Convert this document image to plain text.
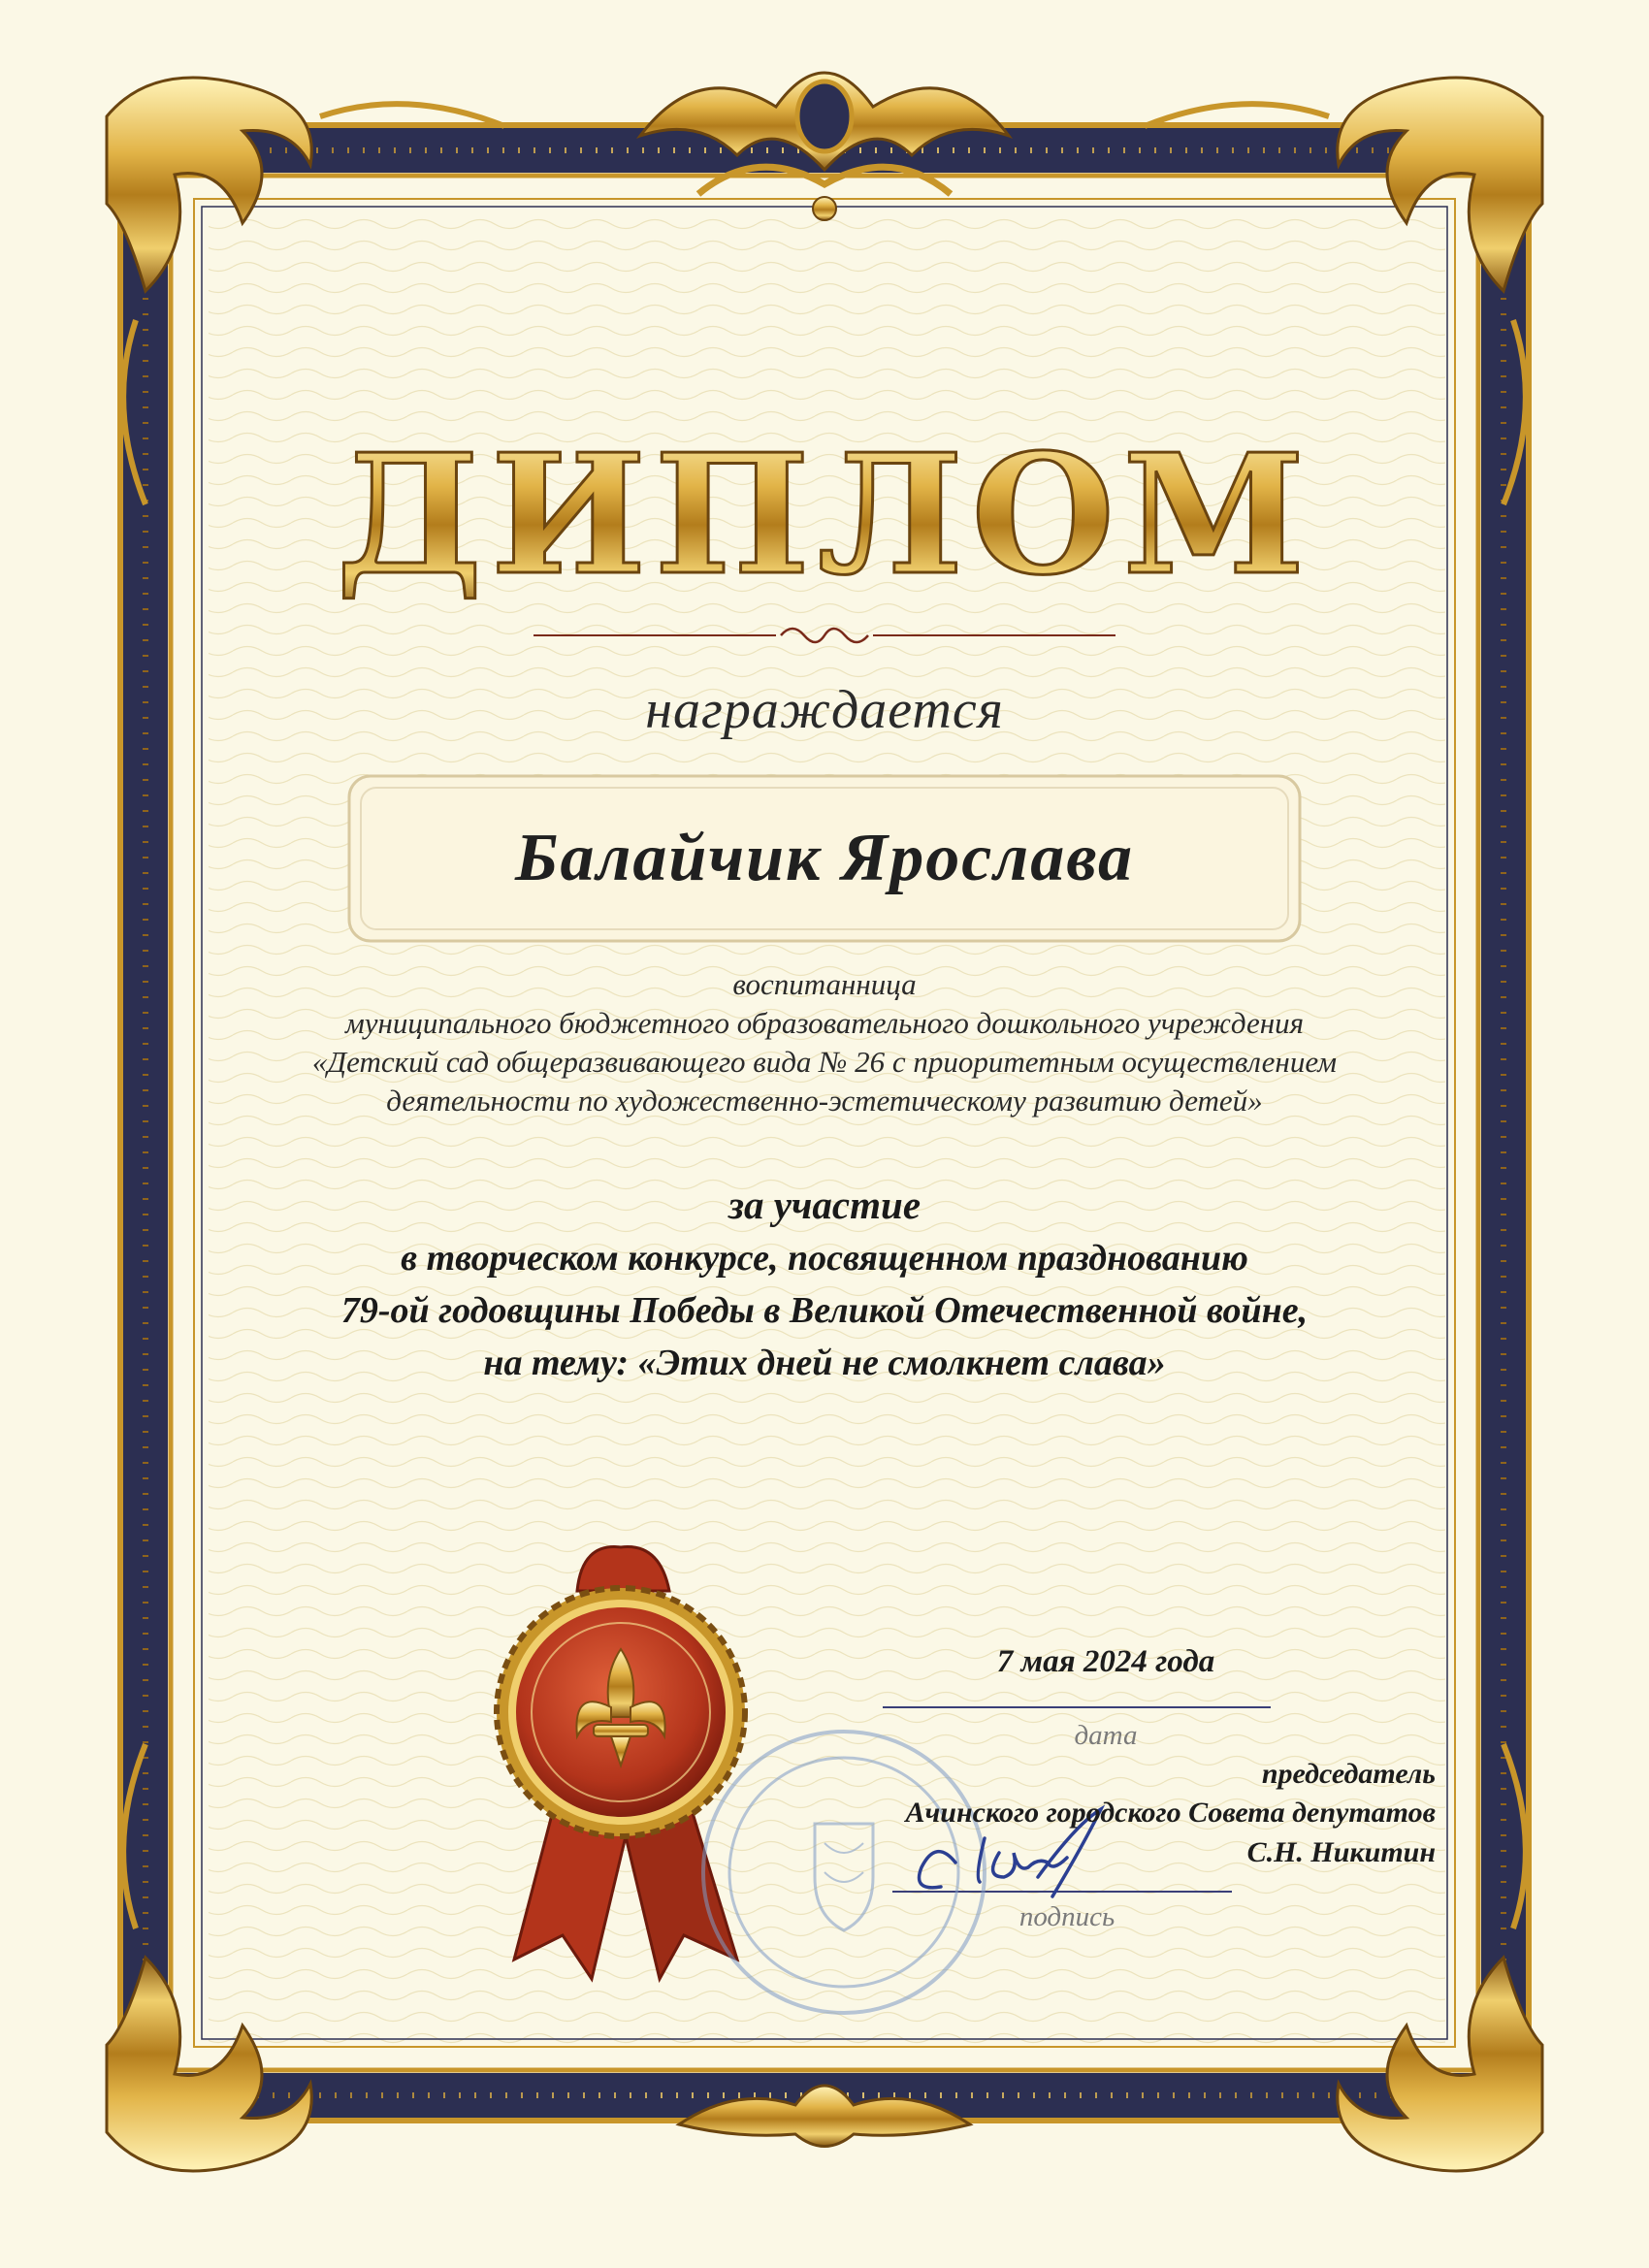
ДИПЛОМ
награждается
Балайчик Ярослава
воспитанница
муниципального бюджетного образовательного дошкольного учреждения
«Детский сад общеразвивающего вида № 26 с приоритетным осуществлением
деятельности по художественно-эстетическому развитию детей»
за участие
в творческом конкурсе, посвященном празднованию
79-ой годовщины Победы в Великой Отечественной войне,
на тему: «Этих дней не смолкнет слава»
7 мая 2024 года
дата
председатель
Ачинского городского Совета депутатов
С.Н. Никитин
подпись
